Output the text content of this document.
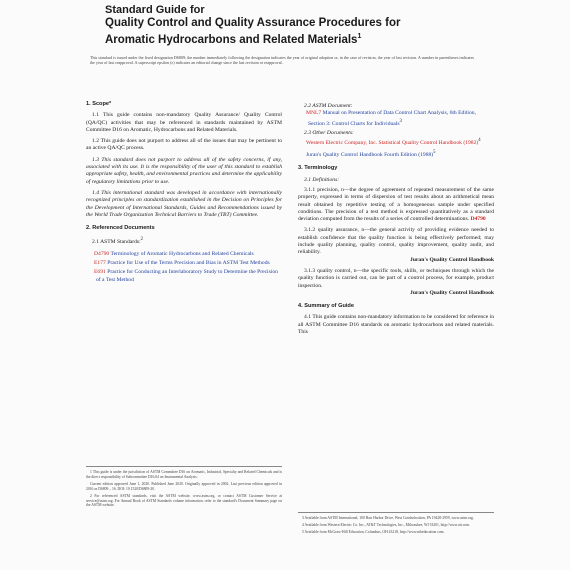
Standard Guide for
Quality Control and Quality Assurance Procedures for
Aromatic Hydrocarbons and Related Materials$^1$
This standard is issued under the fixed designation D6809; the number immediately following the designation indicates the year of original adoption or, in the case of revision, the year of last revision. A number in parentheses indicates the year of last reapproval. A superscript epsilon (ε) indicates an editorial change since the last revision or reapproval.
1. Scope*

1.1 This guide contains non-mandatory Quality Assurance/ Quality Control (QA/QC) activities that may be referenced in standards maintained by ASTM Committee D16 on Aromatic, Hydrocarbons and Related Materials.

1.2 This guide does not purport to address all of the issues that may be pertinent to an active QA/QC process.

1.3 This standard does not purport to address all of the safety concerns, if any, associated with its use. It is the responsibility of the user of this standard to establish appropriate safety, health, and environmental practices and determine the applicability of regulatory limitations prior to use.

1.4 This international standard was developed in accordance with internationally recognized principles on standardization established in the Decision on Principles for the Development of International Standards, Guides and Recommendations issued by the World Trade Organization Technical Barriers to Trade (TBT) Committee.

2. Referenced Documents

2.1 ASTM Standards:$^2$

D4790 Terminology of Aromatic Hydrocarbons and Related Chemicals
E177 Practice for Use of the Terms Precision and Bias in ASTM Test Methods
E691 Practice for Conducting an Interlaboratory Study to Determine the Precision of a Test Method

1 This guide is under the jurisdiction of ASTM Committee D16 on Aromatic, Industrial, Specialty and Related Chemicals and is the direct responsibility of Subcommittee D16.04 on Instrumental Analysis.

Current edition approved June 1, 2020. Published June 2020. Originally approved in 2002. Last previous edition approved in 2016 as D6809 – 16. DOI: 10.1520/D6809-20.

2 For referenced ASTM standards, visit the ASTM website, www.astm.org, or contact ASTM Customer Service at service@astm.org. For Annual Book of ASTM Standards volume information, refer to the standard's Document Summary page on the ASTM website.

2.2 ASTM Document:
MNL7 Manual on Presentation of Data Control Chart Analysis, 6th Edition, Section 3: Control Charts for Individuals$^3$
2.3 Other Documents:
Western Electric Company, Inc. Statistical Quality Control Handbook $(1982)^4$
Juran's Quality Control Handbook Fourth Edition $(1988)^5$
3. Terminology
3.1 Definitions:

3.1.1 precision, n—the degree of agreement of repeated measurement of the same property, expressed in terms of dispersion of test results about an arithmetical mean result obtained by repetitive testing of a homogeneous sample under specified conditions. The precision of a test method is expressed quantitatively as a standard deviation computed from the results of a series of controlled determinations. D4790

3.1.2 quality assurance, n—the general activity of providing evidence needed to establish confidence that the quality function is being effectively performed; may include quality planning, quality control, quality improvement, quality audit, and reliability.
Juran's Quality Control Handbook

3.1.3 quality control, n—the specific tools, skills, or techniques through which the quality function is carried out, can be part of a control process, for example, product inspection.
Juran's Quality Control Handbook

4. Summary of Guide

4.1 This guide contains non-mandatory information to be considered for reference in all ASTM Committee D16 standards on aromatic hydrocarbons and related materials. This

3 Available from ASTM International, 100 Barr Harbor Drive, West Conshohocken, PA 19428-2959, www.astm.org.

4 Available from Western Electric Co. Inc., AT&T Technologies, Inc., Milwaukee, WI 53201, http://www.att.com.

5 Available from McGraw-Hill Education, Columbus, OH 43218, http://www.mheducation.com.
